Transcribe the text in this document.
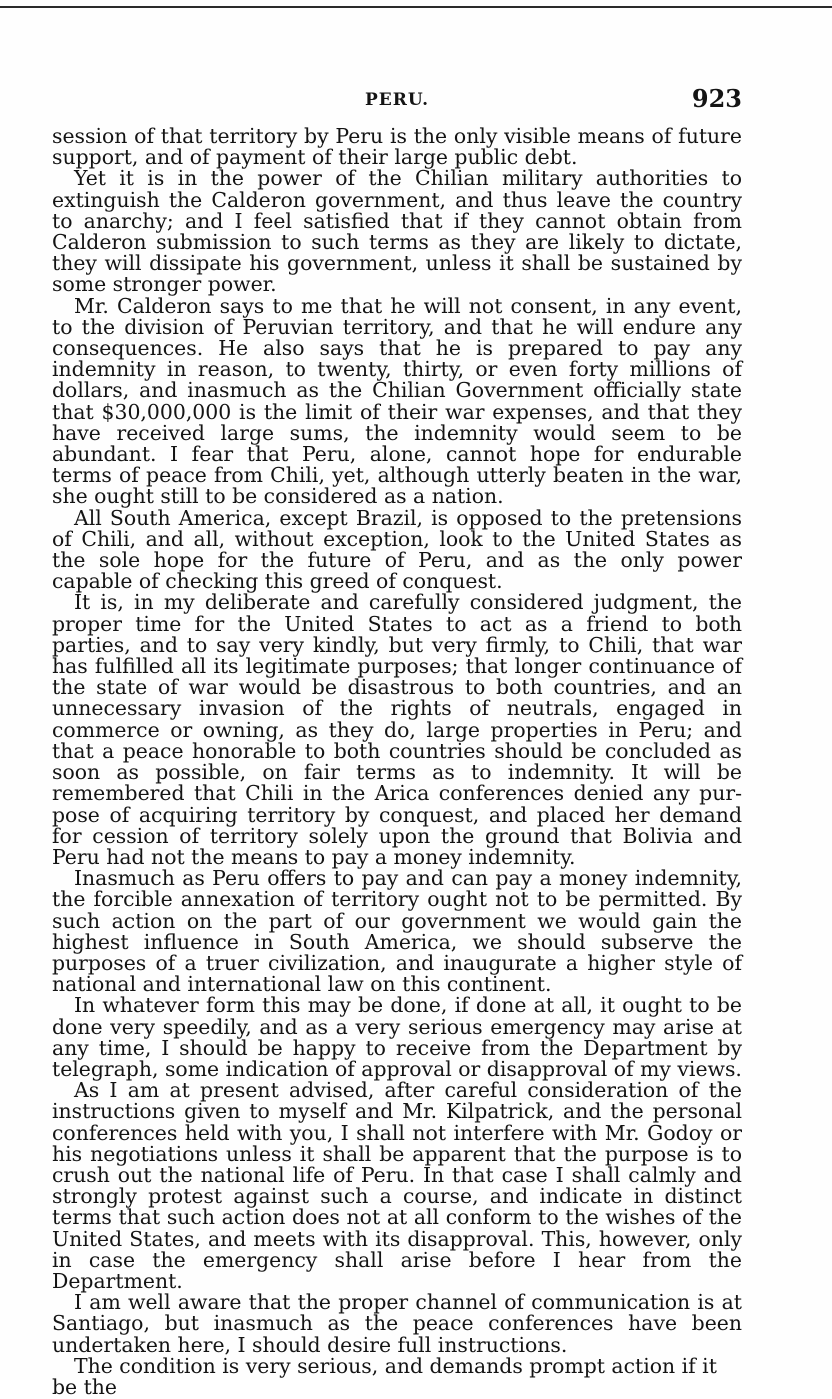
PERU.	923

session of that territory by Peru is the only visible means of future support, and of payment of their large public debt.

Yet it is in the power of the Chilian military authorities to extinguish the Calderon government, and thus leave the country to anarchy; and I feel satisfied that if they cannot obtain from Calderon submission to such terms as they are likely to dictate, they will dissipate his government, unless it shall be sustained by some stronger power.

Mr. Calderon says to me that he will not consent, in any event, to the division of Peruvian territory, and that he will endure any consequences. He also says that he is prepared to pay any indemnity in reason, to twenty, thirty, or even forty millions of dollars, and inasmuch as the Chilian Government officially state that $30,000,000 is the limit of their war expenses, and that they have received large sums, the indemnity would seem to be abundant. I fear that Peru, alone, cannot hope for endurable terms of peace from Chili, yet, although utterly beaten in the war, she ought still to be considered as a nation.

All South America, except Brazil, is opposed to the pretensions of Chili, and all, without exception, look to the United States as the sole hope for the future of Peru, and as the only power capable of checking this greed of conquest.

It is, in my deliberate and carefully considered judgment, the proper time for the United States to act as a friend to both parties, and to say very kindly, but very firmly, to Chili, that war has fulfilled all its legitimate purposes; that longer continuance of the state of war would be disastrous to both countries, and an unnecessary invasion of the rights of neutrals, engaged in commerce or owning, as they do, large properties in Peru; and that a peace honorable to both countries should be concluded as soon as possible, on fair terms as to indemnity. It will be remembered that Chili in the Arica conferences denied any purpose of acquiring territory by conquest, and placed her demand for cession of territory solely upon the ground that Bolivia and Peru had not the means to pay a money indemnity.

Inasmuch as Peru offers to pay and can pay a money indemnity, the forcible annexation of territory ought not to be permitted. By such action on the part of our government we would gain the highest influence in South America, we should subserve the purposes of a truer civilization, and inaugurate a higher style of national and international law on this continent.

In whatever form this may be done, if done at all, it ought to be done very speedily, and as a very serious emergency may arise at any time, I should be happy to receive from the Department by telegraph, some indication of approval or disapproval of my views.

As I am at present advised, after careful consideration of the instructions given to myself and Mr. Kilpatrick, and the personal conferences held with you, I shall not interfere with Mr. Godoy or his negotiations unless it shall be apparent that the purpose is to crush out the national life of Peru. In that case I shall calmly and strongly protest against such a course, and indicate in distinct terms that such action does not at all conform to the wishes of the United States, and meets with its disapproval. This, however, only in case the emergency shall arise before I hear from the Department.

I am well aware that the proper channel of communication is at Santiago, but inasmuch as the peace conferences have been undertaken here, I should desire full instructions.

The condition is very serious, and demands prompt action if it be the
